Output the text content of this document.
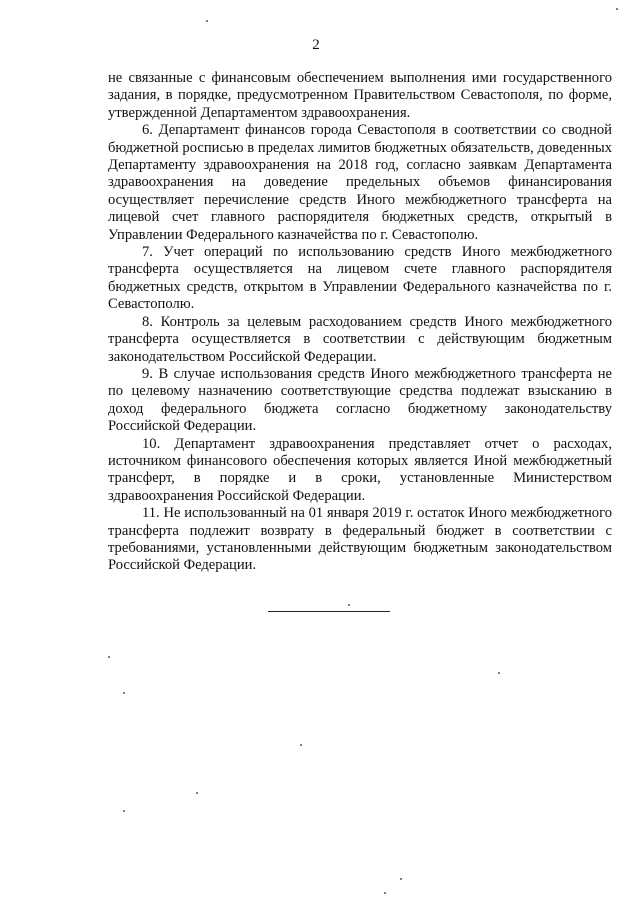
2

не связанные с финансовым обеспечением выполнения ими государственного задания, в порядке, предусмотренном Правительством Севастополя, по форме, утвержденной Департаментом здравоохранения.

6. Департамент финансов города Севастополя в соответствии со сводной бюджетной росписью в пределах лимитов бюджетных обязательств, доведенных Департаменту здравоохранения на 2018 год, согласно заявкам Департамента здравоохранения на доведение предельных объемов финансирования осуществляет перечисление средств Иного межбюджетного трансферта на лицевой счет главного распорядителя бюджетных средств, открытый в Управлении Федерального казначейства по г. Севастополю.

7. Учет операций по использованию средств Иного межбюджетного трансферта осуществляется на лицевом счете главного распорядителя бюджетных средств, открытом в Управлении Федерального казначейства по г. Севастополю.

8. Контроль за целевым расходованием средств Иного межбюджетного трансферта осуществляется в соответствии с действующим бюджетным законодательством Российской Федерации.

9. В случае использования средств Иного межбюджетного трансферта не по целевому назначению соответствующие средства подлежат взысканию в доход федерального бюджета согласно бюджетному законодательству Российской Федерации.

10. Департамент здравоохранения представляет отчет о расходах, источником финансового обеспечения которых является Иной межбюджетный трансферт, в порядке и в сроки, установленные Министерством здравоохранения Российской Федерации.

11. Не использованный на 01 января 2019 г. остаток Иного межбюджетного трансферта подлежит возврату в федеральный бюджет в соответствии с требованиями, установленными действующим бюджетным законодательством Российской Федерации.
